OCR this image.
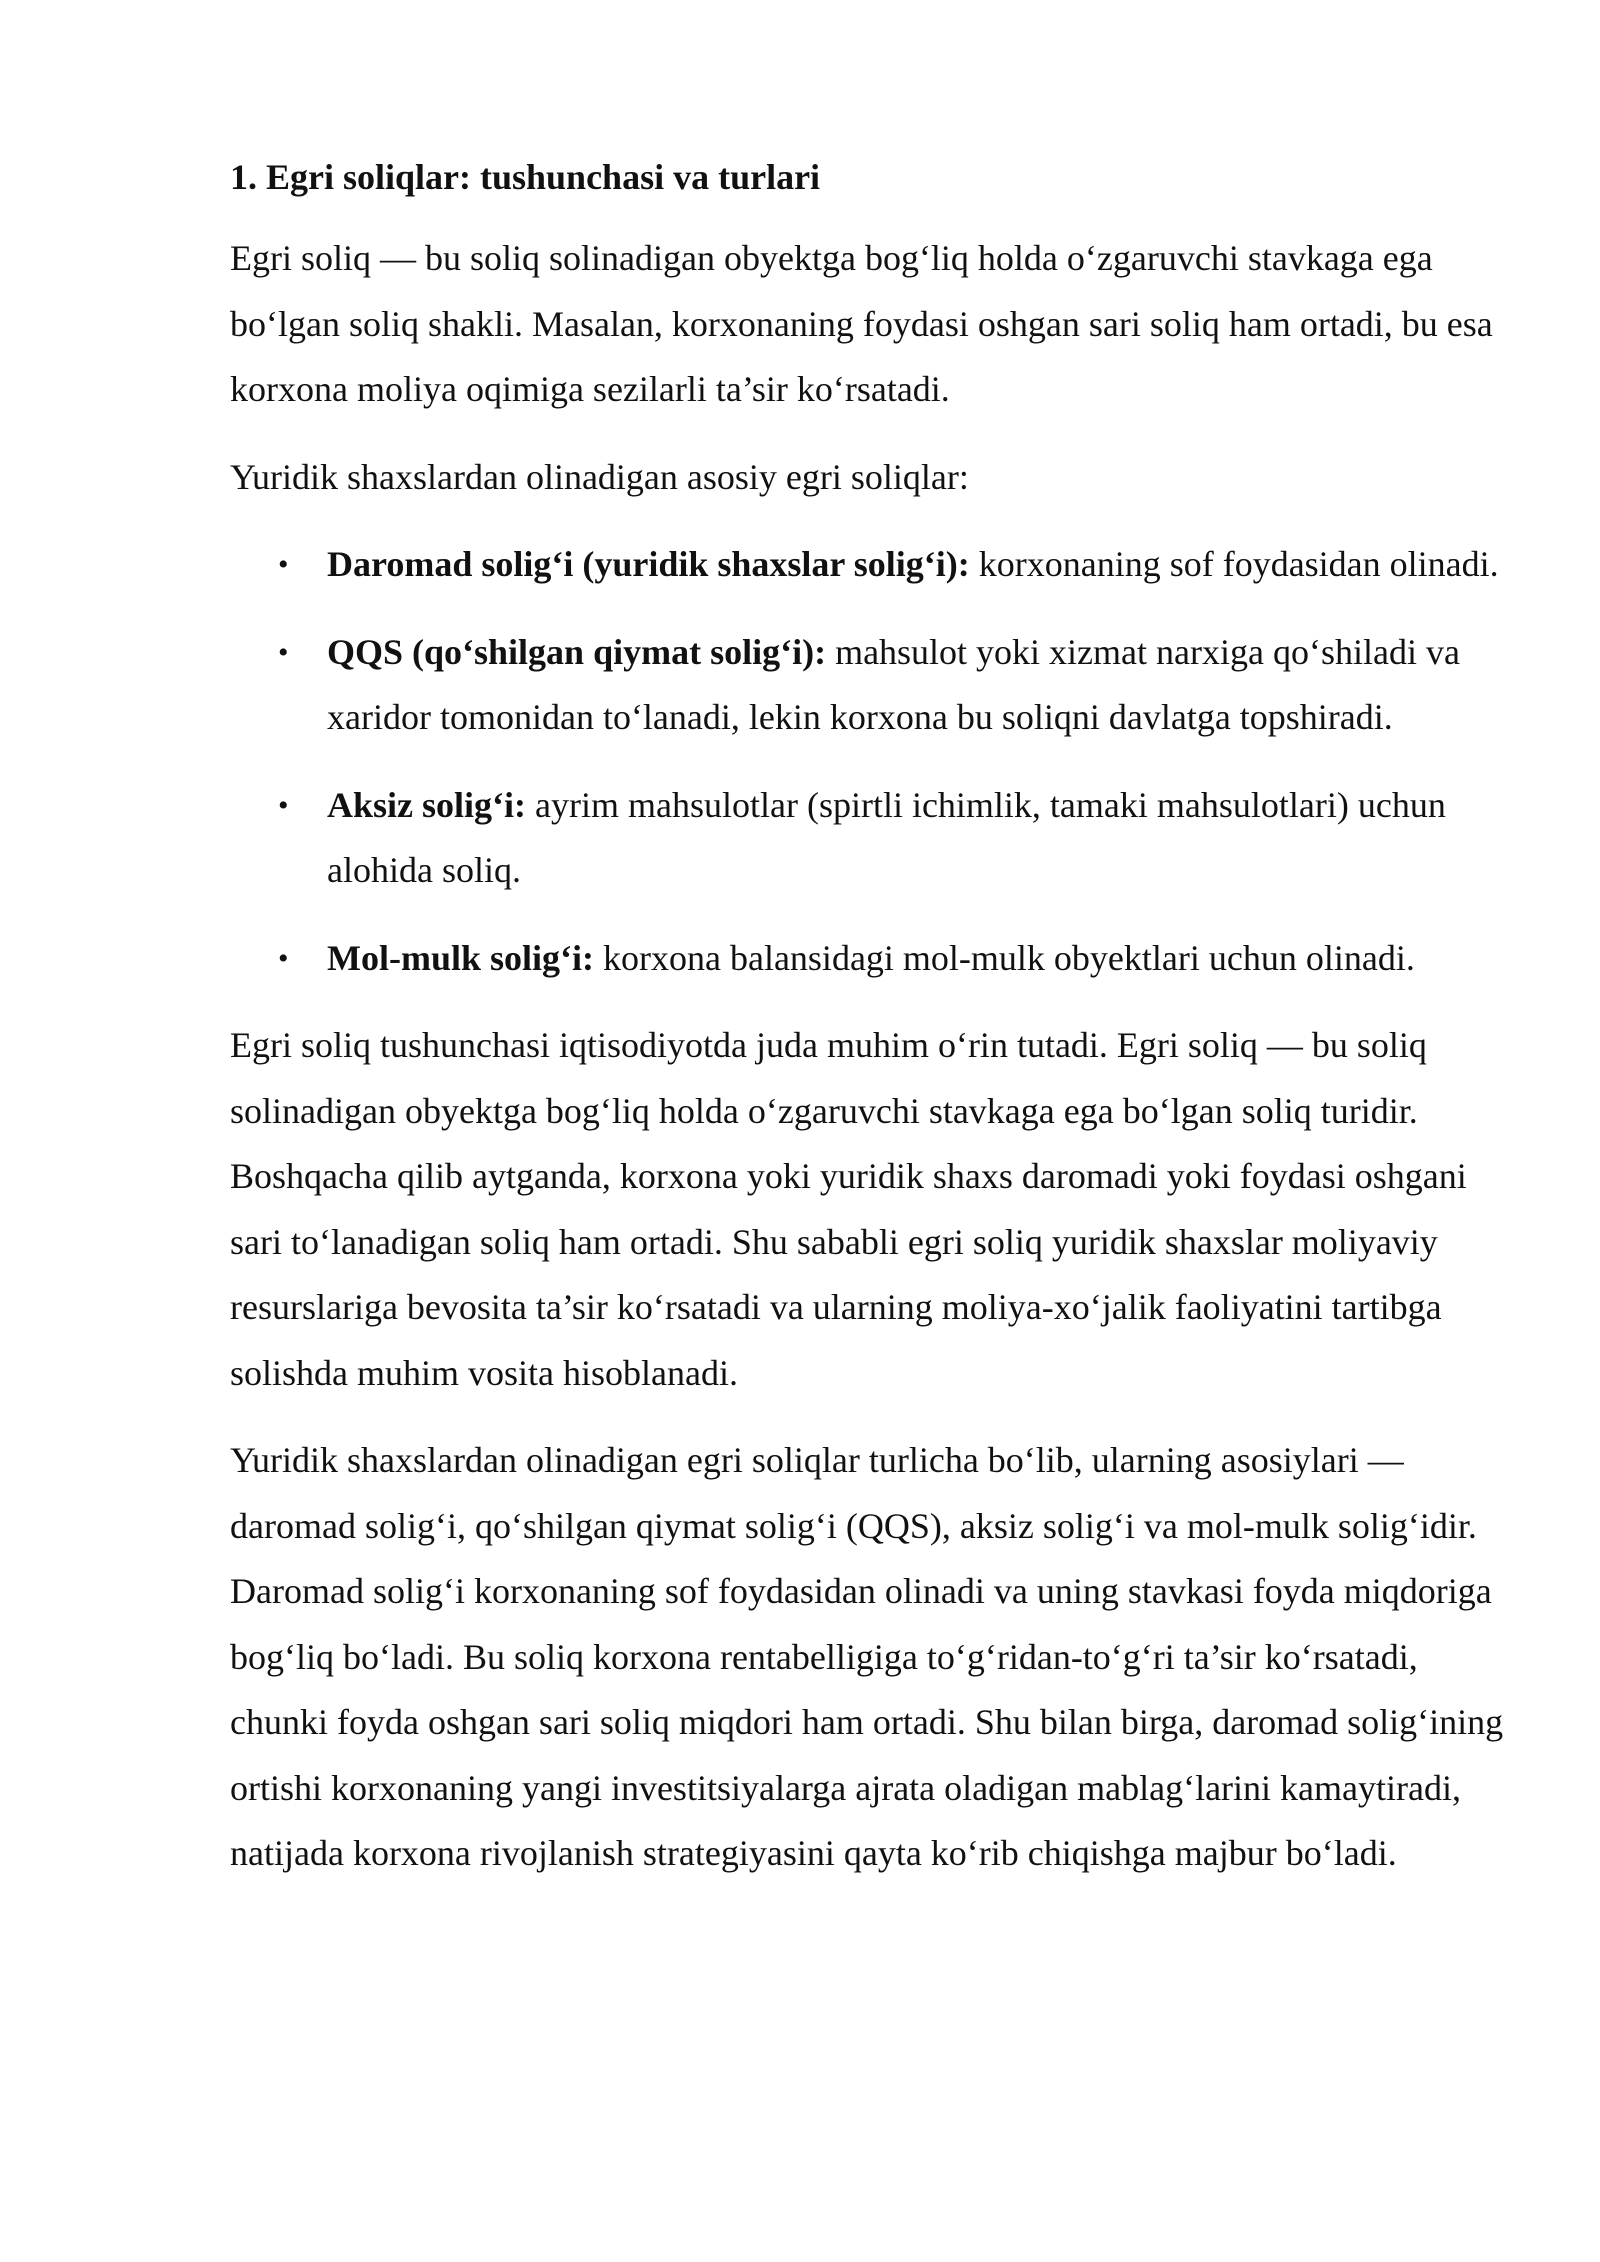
1. Egri soliqlar: tushunchasi va turlari

Egri soliq — bu soliq solinadigan obyektga bog‘liq holda o‘zgaruvchi stavkaga ega bo‘lgan soliq shakli. Masalan, korxonaning foydasi oshgan sari soliq ham ortadi, bu esa korxona moliya oqimiga sezilarli ta’sir ko‘rsatadi.

Yuridik shaxslardan olinadigan asosiy egri soliqlar:

• Daromad solig‘i (yuridik shaxslar solig‘i): korxonaning sof foydasidan olinadi.
• QQS (qo‘shilgan qiymat solig‘i): mahsulot yoki xizmat narxiga qo‘shiladi va xaridor tomonidan to‘lanadi, lekin korxona bu soliqni davlatga topshiradi.
• Aksiz solig‘i: ayrim mahsulotlar (spirtli ichimlik, tamaki mahsulotlari) uchun alohida soliq.
• Mol-mulk solig‘i: korxona balansidagi mol-mulk obyektlari uchun olinadi.

Egri soliq tushunchasi iqtisodiyotda juda muhim o‘rin tutadi. Egri soliq — bu soliq solinadigan obyektga bog‘liq holda o‘zgaruvchi stavkaga ega bo‘lgan soliq turidir. Boshqacha qilib aytganda, korxona yoki yuridik shaxs daromadi yoki foydasi oshgani sari to‘lanadigan soliq ham ortadi. Shu sababli egri soliq yuridik shaxslar moliyaviy resurslariga bevosita ta’sir ko‘rsatadi va ularning moliya-xo‘jalik faoliyatini tartibga solishda muhim vosita hisoblanadi.

Yuridik shaxslardan olinadigan egri soliqlar turlicha bo‘lib, ularning asosiylari — daromad solig‘i, qo‘shilgan qiymat solig‘i (QQS), aksiz solig‘i va mol-mulk solig‘idir. Daromad solig‘i korxonaning sof foydasidan olinadi va uning stavkasi foyda miqdoriga bog‘liq bo‘ladi. Bu soliq korxona rentabelligiga to‘g‘ridan-to‘g‘ri ta’sir ko‘rsatadi, chunki foyda oshgan sari soliq miqdori ham ortadi. Shu bilan birga, daromad solig‘ining ortishi korxonaning yangi investitsiyalarga ajrata oladigan mablag‘larini kamaytiradi, natijada korxona rivojlanish strategiyasini qayta ko‘rib chiqishga majbur bo‘ladi.
